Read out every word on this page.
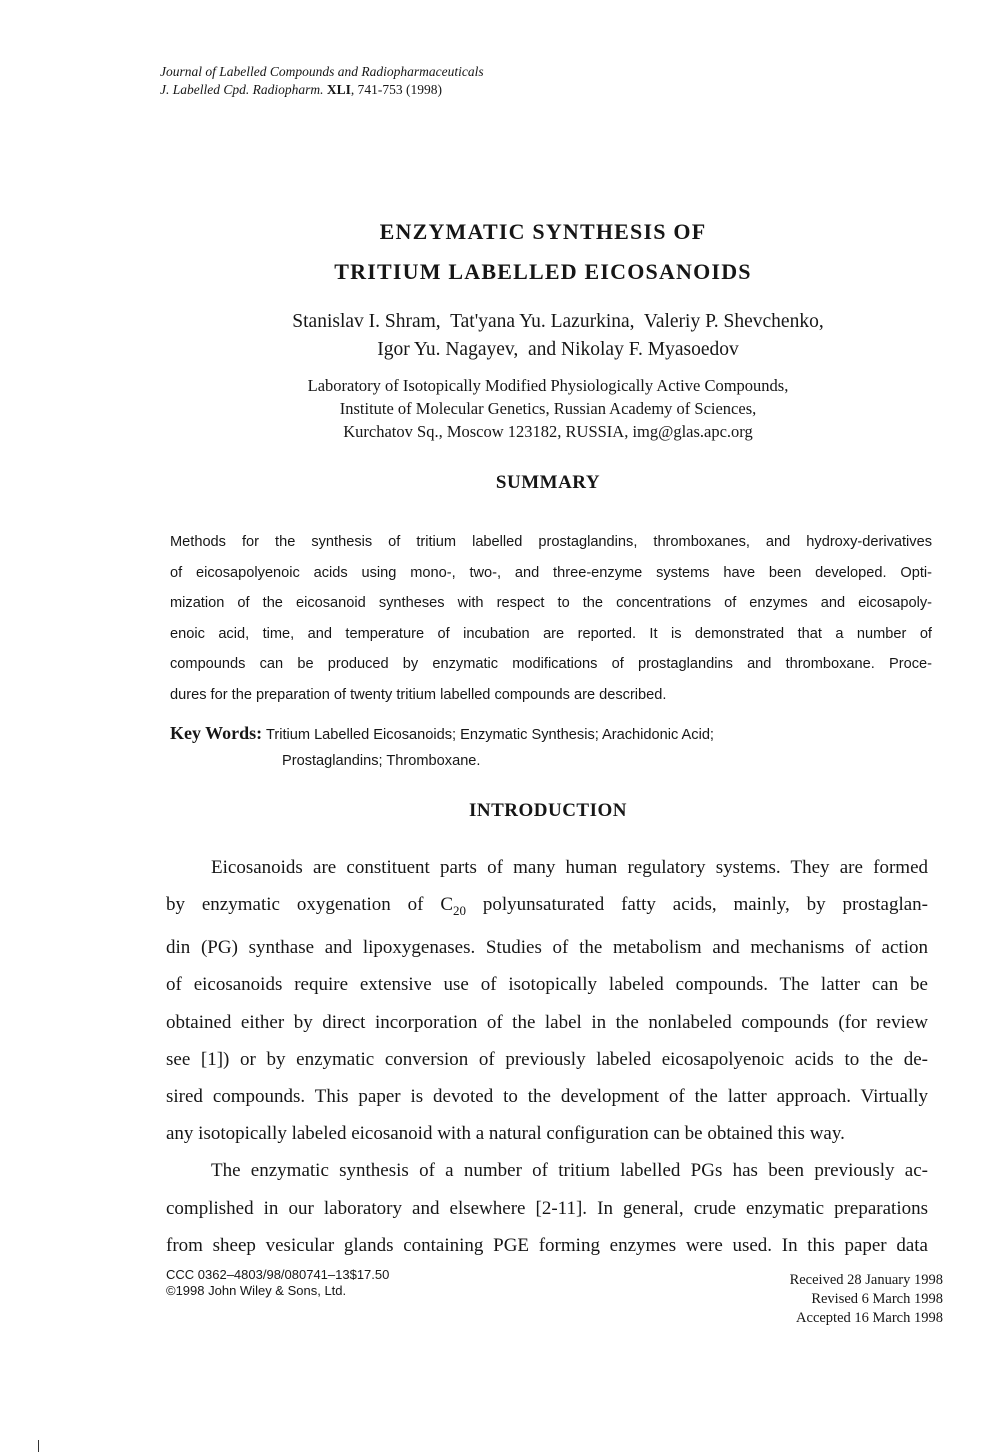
Journal of Labelled Compounds and Radiopharmaceuticals
J. Labelled Cpd. Radiopharm. XLI, 741-753 (1998)
ENZYMATIC SYNTHESIS OF
TRITIUM LABELLED EICOSANOIDS
Stanislav I. Shram,  Tat'yana Yu. Lazurkina,  Valeriy P. Shevchenko,
Igor Yu. Nagayev,  and Nikolay F. Myasoedov
Laboratory of Isotopically Modified Physiologically Active Compounds,
Institute of Molecular Genetics, Russian Academy of Sciences,
Kurchatov Sq., Moscow 123182, RUSSIA, img@glas.apc.org
SUMMARY
Methods for the synthesis of tritium labelled prostaglandins, thromboxanes, and hydroxy-derivatives
of eicosapolyenoic acids using mono-, two-, and three-enzyme systems have been developed. Opti-
mization of the eicosanoid syntheses with respect to the concentrations of enzymes and eicosapoly-
enoic acid, time, and temperature of incubation are reported. It is demonstrated that a number of
compounds can be produced by enzymatic modifications of prostaglandins and thromboxane. Proce-
dures for the preparation of twenty tritium labelled compounds are described.
Key Words: Tritium Labelled Eicosanoids; Enzymatic Synthesis; Arachidonic Acid;
Prostaglandins; Thromboxane.
INTRODUCTION
Eicosanoids are constituent parts of many human regulatory systems. They are formed
by enzymatic oxygenation of $C_{20}$ polyunsaturated fatty acids, mainly, by prostaglan-
din (PG) synthase and lipoxygenases. Studies of the metabolism and mechanisms of action
of eicosanoids require extensive use of isotopically labeled compounds. The latter can be
obtained either by direct incorporation of the label in the nonlabeled compounds (for review
see [1]) or by enzymatic conversion of previously labeled eicosapolyenoic acids to the de-
sired compounds. This paper is devoted to the development of the latter approach. Virtually
any isotopically labeled eicosanoid with a natural configuration can be obtained this way.
The enzymatic synthesis of a number of tritium labelled PGs has been previously ac-
complished in our laboratory and elsewhere [2-11]. In general, crude enzymatic preparations
from sheep vesicular glands containing PGE forming enzymes were used. In this paper data
CCC 0362–4803/98/080741–13$17.50
©1998 John Wiley & Sons, Ltd.
Received 28 January 1998
Revised 6 March 1998
Accepted 16 March 1998
